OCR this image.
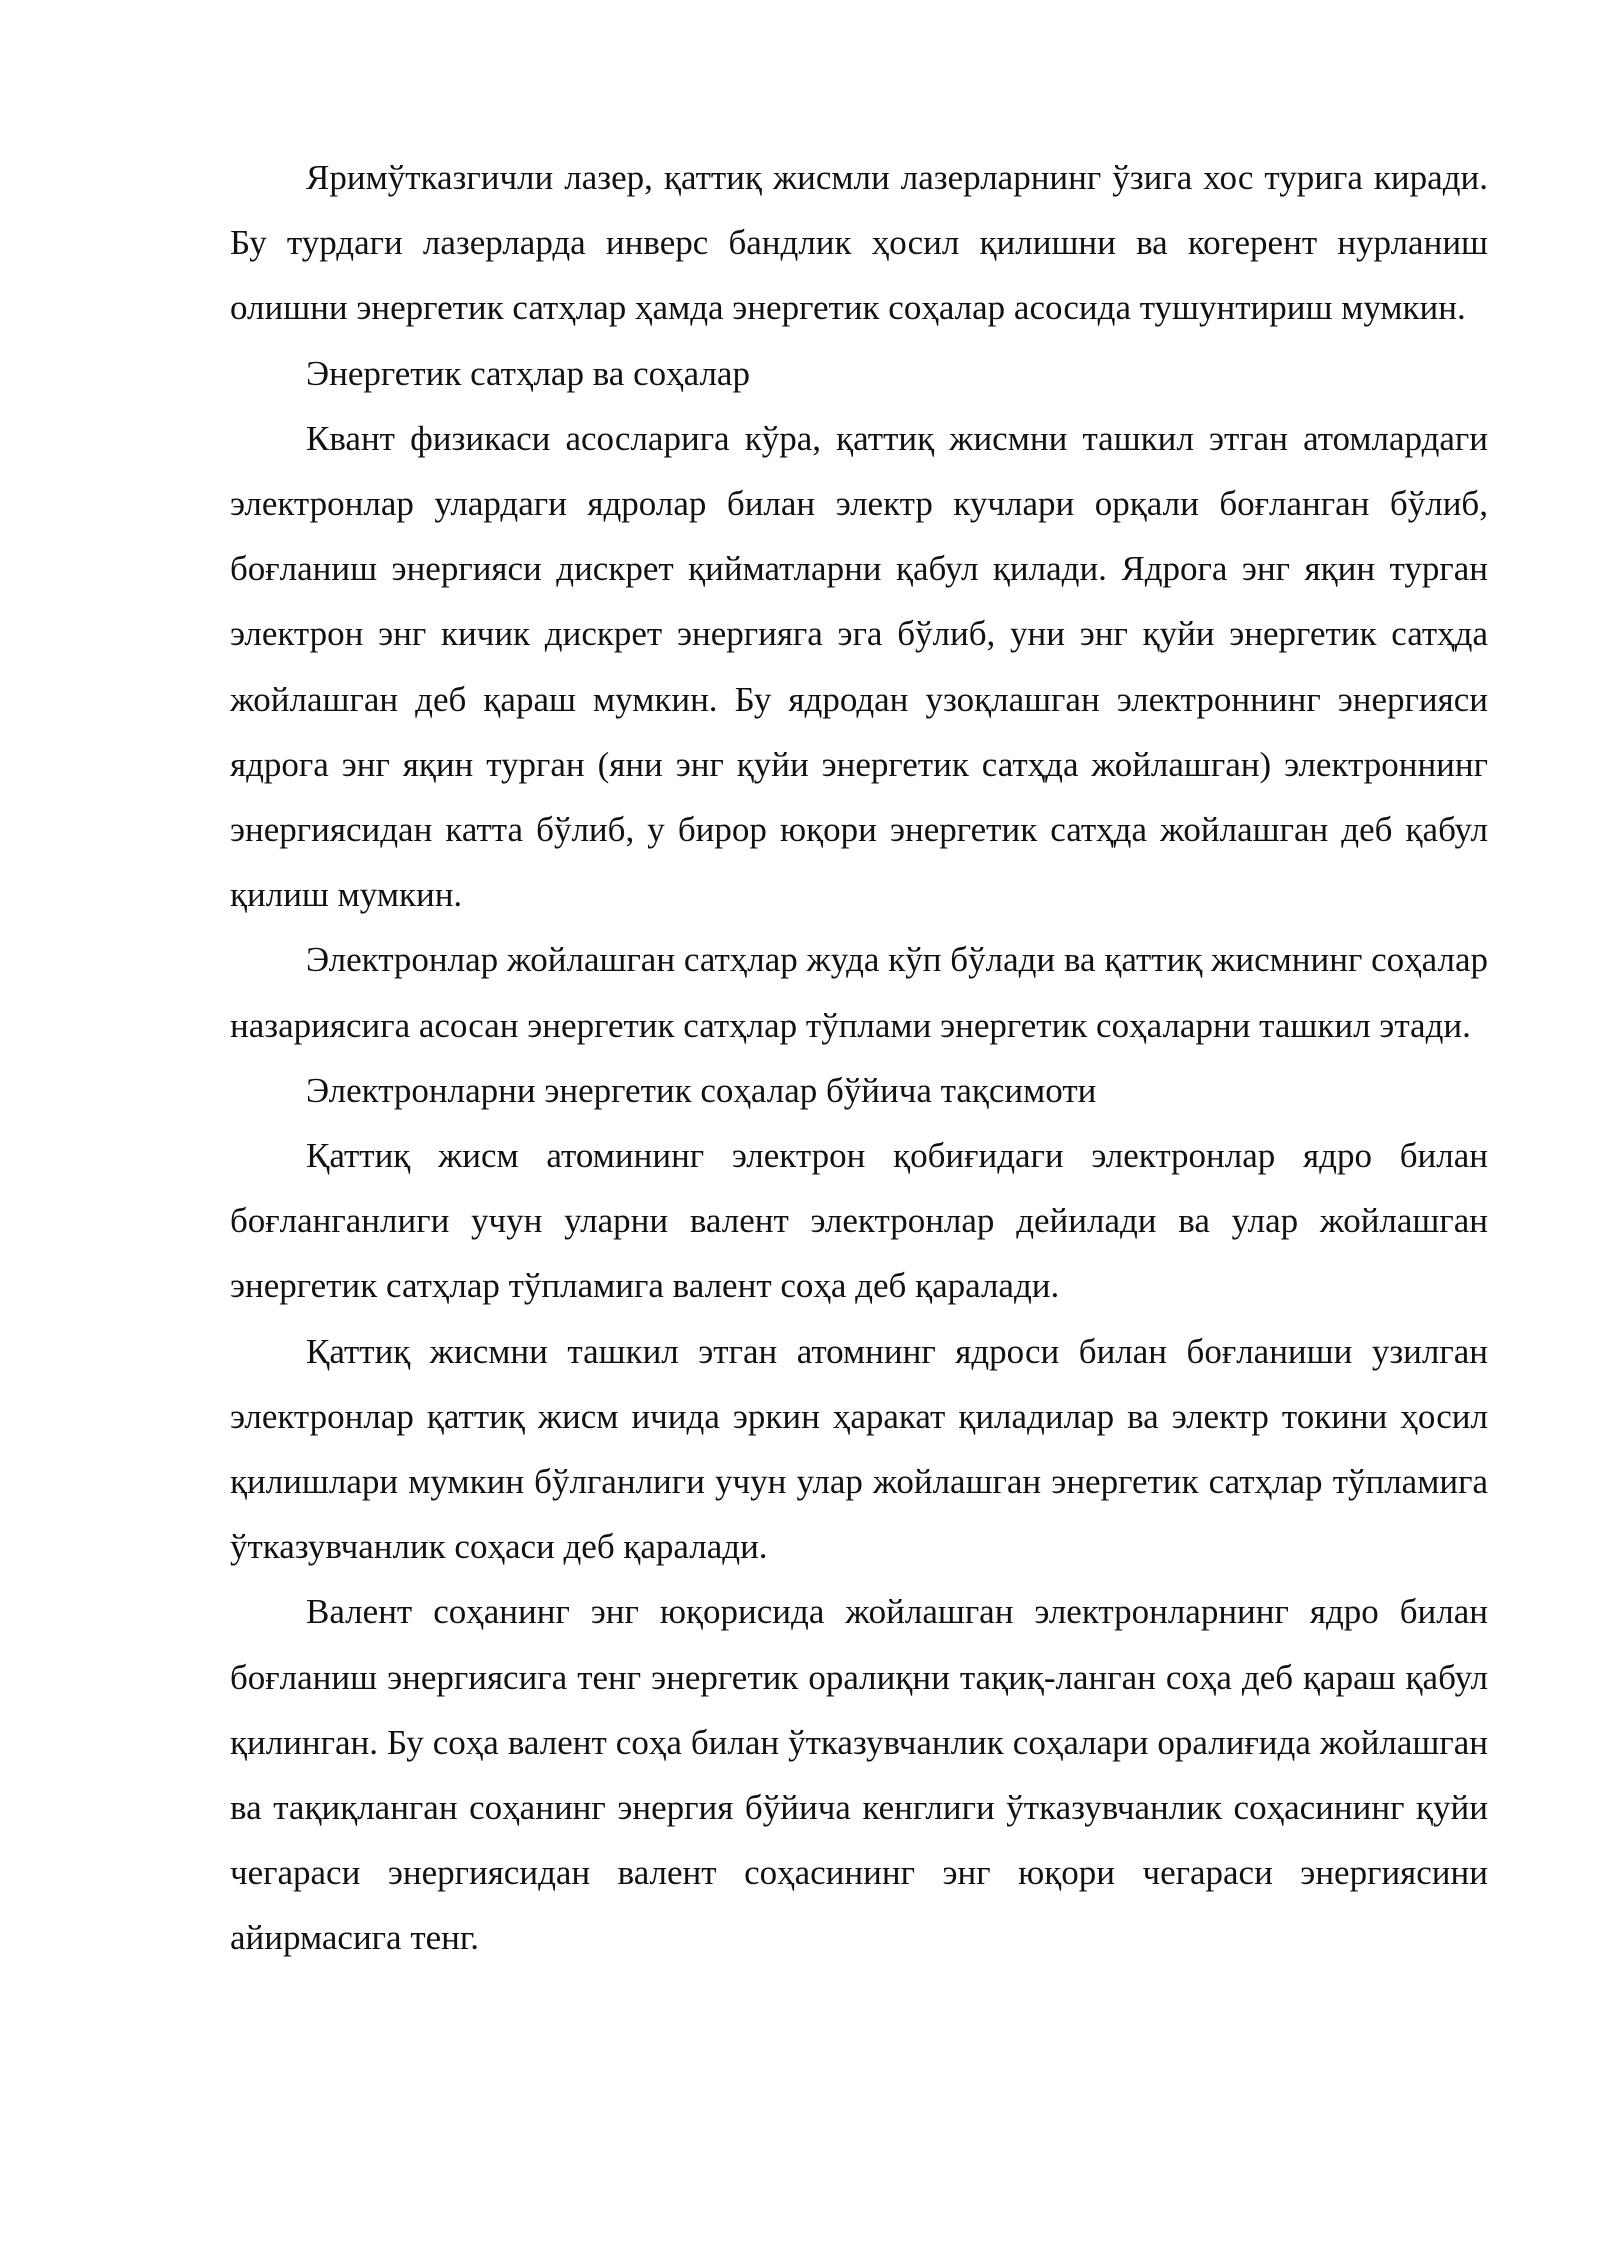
Яримўтказгичли лазер, қаттиқ жисмли лазерларнинг ўзига хос турига киради. Бу турдаги лазерларда инверс бандлик ҳосил қилишни ва когерент нурланиш олишни энергетик сатҳлар ҳамда энергетик соҳалар асосида тушунтириш мумкин.

Энергетик сатҳлар ва соҳалар

Квант физикаси асосларига кўра, қаттиқ жисмни ташкил этган атомлардаги электронлар улардаги ядролар билан электр кучлари орқали боғланган бўлиб, боғланиш энергияси дискрет қийматларни қабул қилади. Ядрога энг яқин турган электрон энг кичик дискрет энергияга эга бўлиб, уни энг қуйи энергетик сатҳда жойлашган деб қараш мумкин. Бу ядродан узоқлашган электроннинг энергияси ядрога энг яқин турган (яни энг қуйи энергетик сатҳда жойлашган) электроннинг энергиясидан катта бўлиб, у бирор юқори энергетик сатҳда жойлашган деб қабул қилиш мумкин.

Электронлар жойлашган сатҳлар жуда кўп бўлади ва қаттиқ жисмнинг соҳалар назариясига асосан энергетик сатҳлар тўплами энергетик соҳаларни ташкил этади.

Электронларни энергетик соҳалар бўйича тақсимоти

Қаттиқ жисм атомининг электрон қобиғидаги электронлар ядро билан боғланганлиги учун уларни валент электронлар дейилади ва улар жойлашган энергетик сатҳлар тўпламига валент соҳа деб қаралади.

Қаттиқ жисмни ташкил этган атомнинг ядроси билан боғланиши узилган электронлар қаттиқ жисм ичида эркин ҳаракат қиладилар ва электр токини ҳосил қилишлари мумкин бўлганлиги учун улар жойлашган энергетик сатҳлар тўпламига ўтказувчанлик соҳаси деб қаралади.

Валент соҳанинг энг юқорисида жойлашган электронларнинг ядро билан боғланиш энергиясига тенг энергетик оралиқни тақиқ-ланган соҳа деб қараш қабул қилинган. Бу соҳа валент соҳа билан ўтказувчанлик соҳалари оралиғида жойлашган ва тақиқланган соҳанинг энергия бўйича кенглиги ўтказувчанлик соҳасининг қуйи чегараси энергиясидан валент соҳасининг энг юқори чегараси энергиясини айирмасига тенг.
